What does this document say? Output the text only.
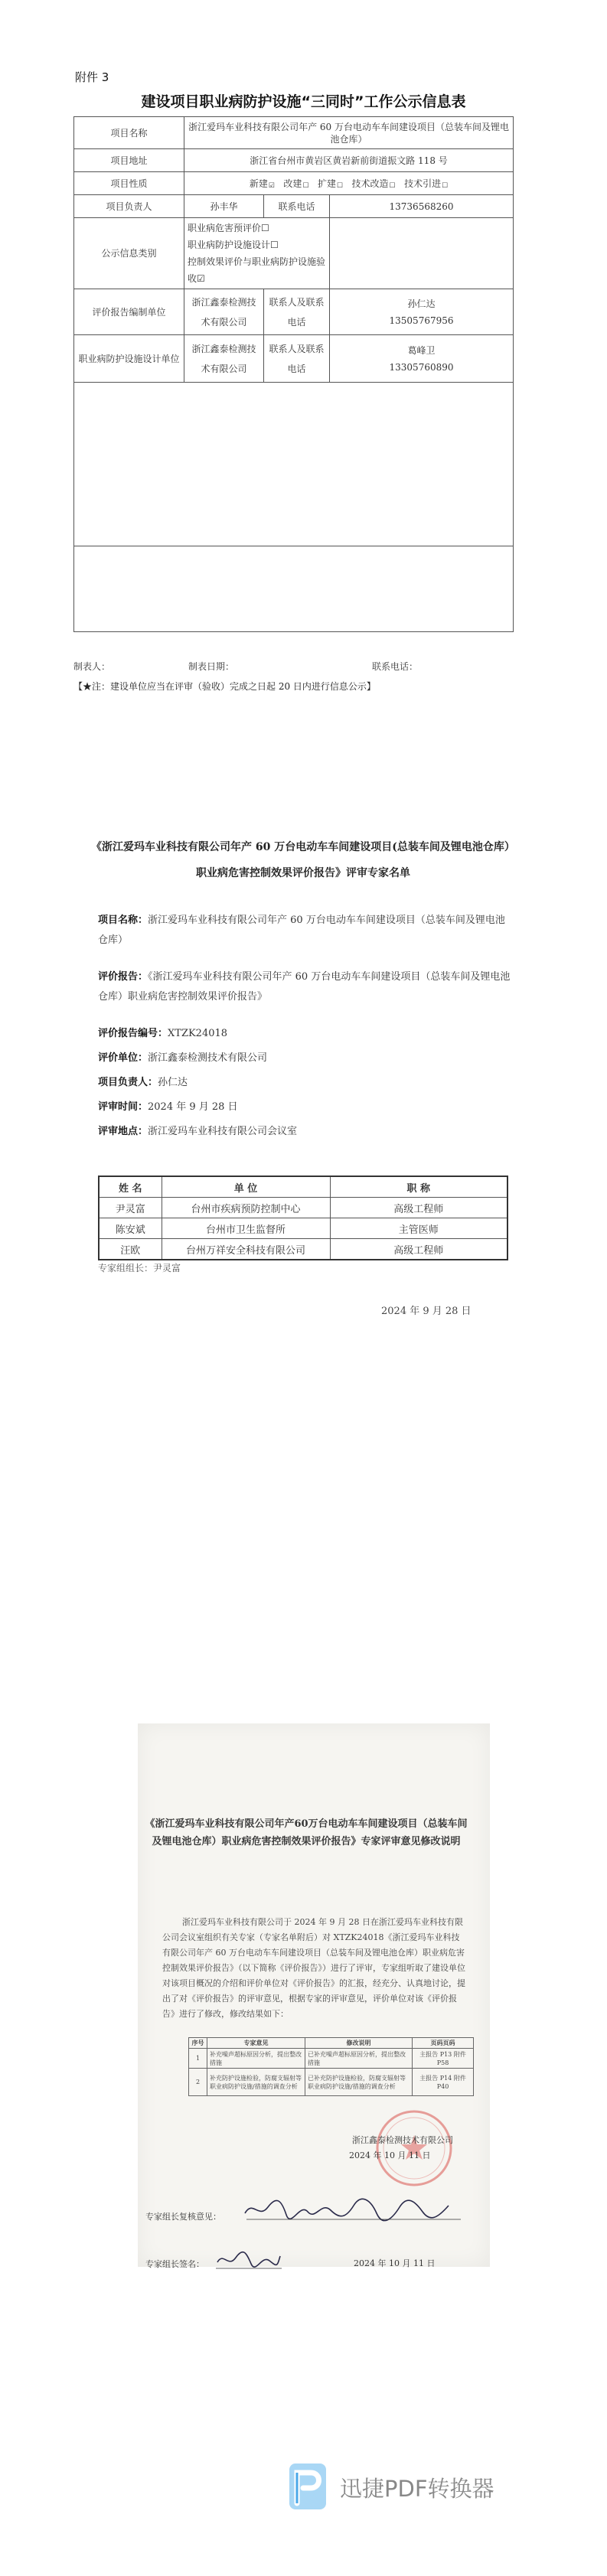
附件 3
建设项目职业病防护设施“三同时”工作公示信息表
项目名称	浙江爱玛车业科技有限公司年产 60 万台电动车车间建设项目（总装车间及锂电池仓库）		
项目地址	浙江省台州市黄岩区黄岩新前街道振文路 118 号		
项目性质	新建☑ 改建☐ 扩建☐ 技术改造☐ 技术引进☐		
项目负责人	孙丰华	联系电话	13736568260
公示信息类别	职业病危害预评价☐
职业病防护设施设计☐
控制效果评价与职业病防护设施验收☑		

评价报告编制单位	浙江鑫泰检测技术有限公司	联系人及联系电话	孙仁达
13505767956

职业病防护设施设计单位	浙江鑫泰检测技术有限公司	联系人及联系电话	葛峰卫
13305760890

制表人：	制表日期：	联系电话：
【★注：建设单位应当在评审（验收）完成之日起 20 日内进行信息公示】
《浙江爱玛车业科技有限公司年产 60 万台电动车车间建设项目(总装车间及锂电池仓库）职业病危害控制效果评价报告》评审专家名单
项目名称：浙江爱玛车业科技有限公司年产 60 万台电动车车间建设项目（总装车间及锂电池仓库）
评价报告：《浙江爱玛车业科技有限公司年产 60 万台电动车车间建设项目（总装车间及锂电池仓库）职业病危害控制效果评价报告》
评价报告编号：XTZK24018
评价单位：浙江鑫泰检测技术有限公司
项目负责人：孙仁达
评审时间：2024 年 9 月 28 日
评审地点：浙江爱玛车业科技有限公司会议室
姓 名	单 位	职 称
尹灵富	台州市疾病预防控制中心	高级工程师
陈安斌	台州市卫生监督所	主管医师
汪欧	台州万祥安全科技有限公司	高级工程师
专家组组长：尹灵富
2024 年 9 月 28 日
《浙江爱玛车业科技有限公司年产60万台电动车车间建设项目（总装车间及锂电池仓库）职业病危害控制效果评价报告》专家评审意见修改说明
浙江爱玛车业科技有限公司于 2024 年 9 月 28 日在浙江爱玛车业科技有限公司会议室组织有关专家（专家名单附后）对 XTZK24018《浙江爱玛车业科技有限公司年产 60 万台电动车车间建设项目（总装车间及锂电池仓库）职业病危害控制效果评价报告》（以下简称《评价报告》）进行了评审，专家组听取了建设单位对该项目概况的介绍和评价单位对《评价报告》的汇报，经充分、认真地讨论，提出了对《评价报告》的评审意见，根据专家的评审意见，评价单位对该《评价报告》进行了修改，修改结果如下：
序号	专家意见	修改说明	页码页码
1	补充噪声超标原因分析，提出整改措施	已补充噪声超标原因分析，提出整改措施	主报告 P13 附件 P58
2	补充防护设施检验，防腐支辐射等职业病防护设施/措施的调查分析	已补充防护设施检验，防腐支辐射等职业病防护设施/措施的调查分析	主报告 P14 附件 P40
浙江鑫泰检测技术有限公司
2024 年 10 月 11 日
专家组长复核意见：
专家组长签名：	2024 年 10 月 11 日
迅捷PDF转换器
